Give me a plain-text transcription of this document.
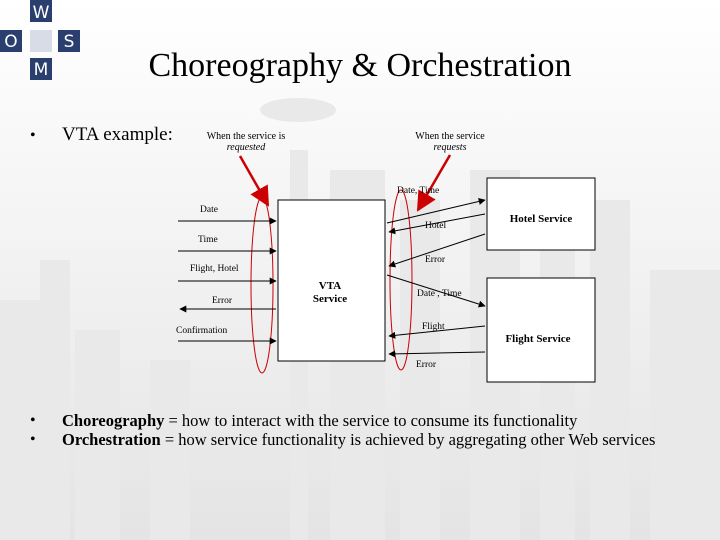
W
O	S
M	Choreography & Orchestration
• VTA example:	When the service is
requested
When the service
requests
Date
Time
Flight, Hotel
Error
Confirmation
Date, Time
Hotel
Error
Date , Time
Flight
Error
VTA
Service
Hotel Service
Flight Service
•
•
Choreography = how to interact with the service to consume its functionality
Orchestration = how service functionality is achieved by aggregating other Web services
